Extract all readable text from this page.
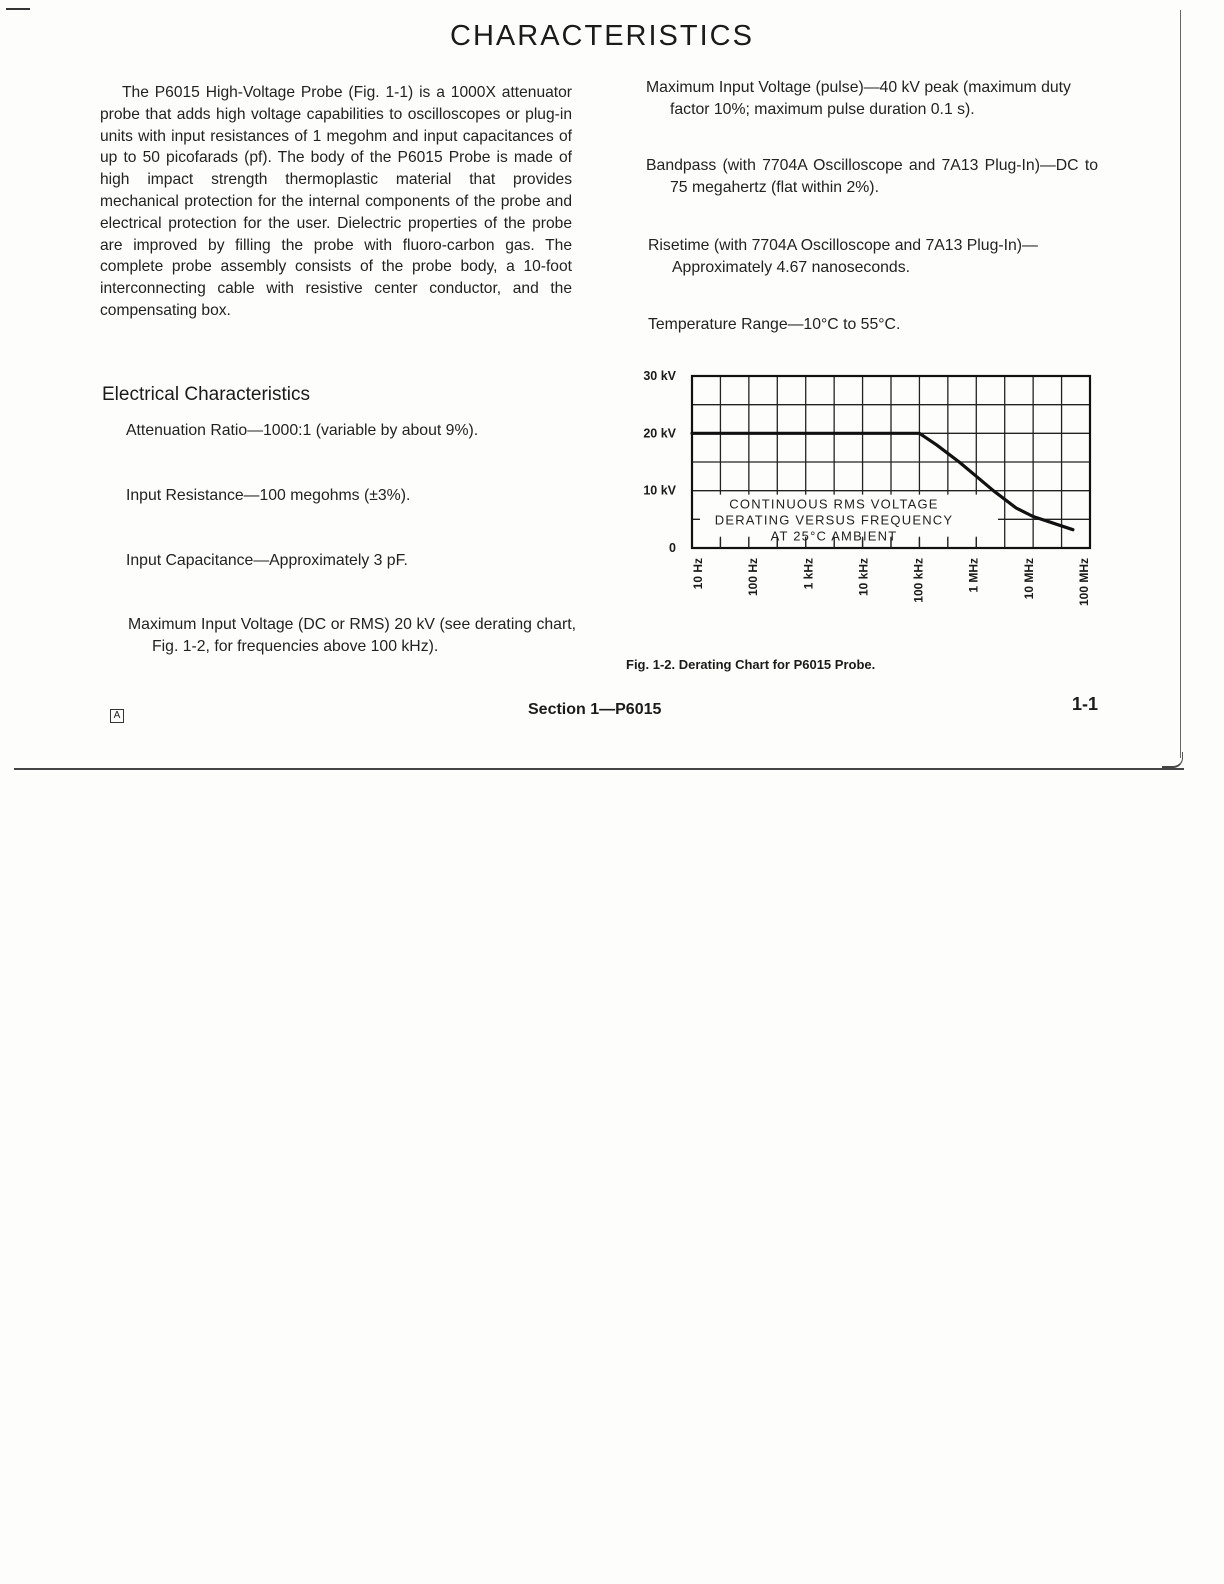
CHARACTERISTICS

The P6015 High-Voltage Probe (Fig. 1-1) is a 1000X attenuator probe that adds high voltage capabilities to oscilloscopes or plug-in units with input resistances of 1 megohm and input capacitances of up to 50 picofarads (pf). The body of the P6015 Probe is made of high impact strength thermoplastic material that provides mechanical protection for the internal components of the probe and electrical protection for the user. Dielectric properties of the probe are improved by filling the probe with fluoro-carbon gas. The complete probe assembly consists of the probe body, a 10-foot interconnecting cable with resistive center conductor, and the compensating box.

Electrical Characteristics
Attenuation Ratio—1000:1 (variable by about 9%).
Input Resistance—100 megohms (±3%).
Input Capacitance—Approximately 3 pF.
Maximum Input Voltage (DC or RMS) 20 kV (see derating chart, Fig. 1-2, for frequencies above 100 kHz).
Maximum Input Voltage (pulse)—40 kV peak (maximum duty factor 10%; maximum pulse duration 0.1 s).
Bandpass (with 7704A Oscilloscope and 7A13 Plug-In)—DC to 75 megahertz (flat within 2%).
Risetime (with 7704A Oscilloscope and 7A13 Plug-In)—Approximately 4.67 nanoseconds.
Temperature Range—10°C to 55°C.
0
10 kV
20 kV
30 kV
10 Hz	100 Hz	1 kHz	10 kHz	100 kHz	1 MHz	10 MHz	100 MHz
CONTINUOUS RMS VOLTAGE
DERATING VERSUS FREQUENCY
AT 25°C AMBIENT
Fig. 1-2. Derating Chart for P6015 Probe.
A	Section 1—P6015	1-1
